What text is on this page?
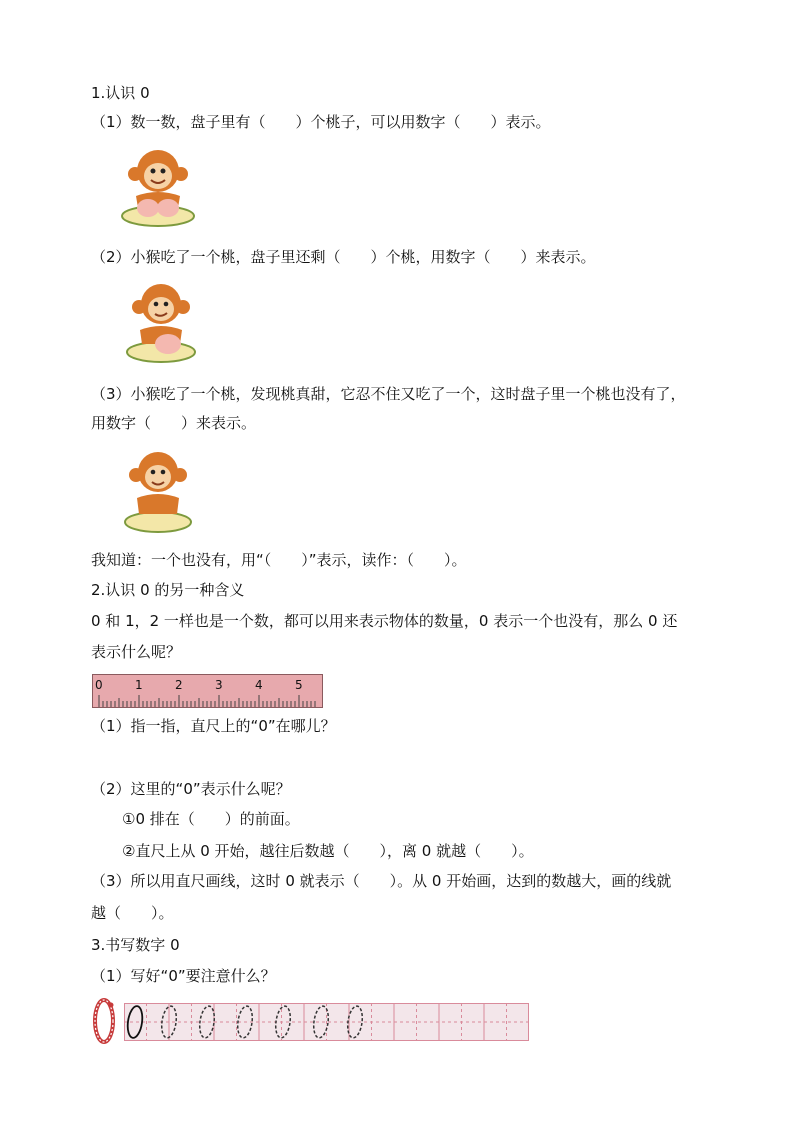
1.认识 0
（1）数一数，盘子里有（　　）个桃子，可以用数字（　　）表示。
（2）小猴吃了一个桃，盘子里还剩（　　）个桃，用数字（　　）来表示。
（3）小猴吃了一个桃，发现桃真甜，它忍不住又吃了一个，这时盘子里一个桃也没有了，
用数字（　　）来表示。
我知道：一个也没有，用“（　　）”表示，读作：（　　）。
2.认识 0 的另一种含义
0 和 1，2 一样也是一个数，都可以用来表示物体的数量，0 表示一个也没有，那么 0 还
表示什么呢？
0	1	2	3	4	5
（1）指一指，直尺上的“0”在哪儿？
（2）这里的“0”表示什么呢？
①0 排在（　　）的前面。
②直尺上从 0 开始，越往后数越（　　），离 0 就越（　　）。
（3）所以用直尺画线，这时 0 就表示（　　）。从 0 开始画，达到的数越大，画的线就
越（　　）。
3.书写数字 0
（1）写好“0”要注意什么？
